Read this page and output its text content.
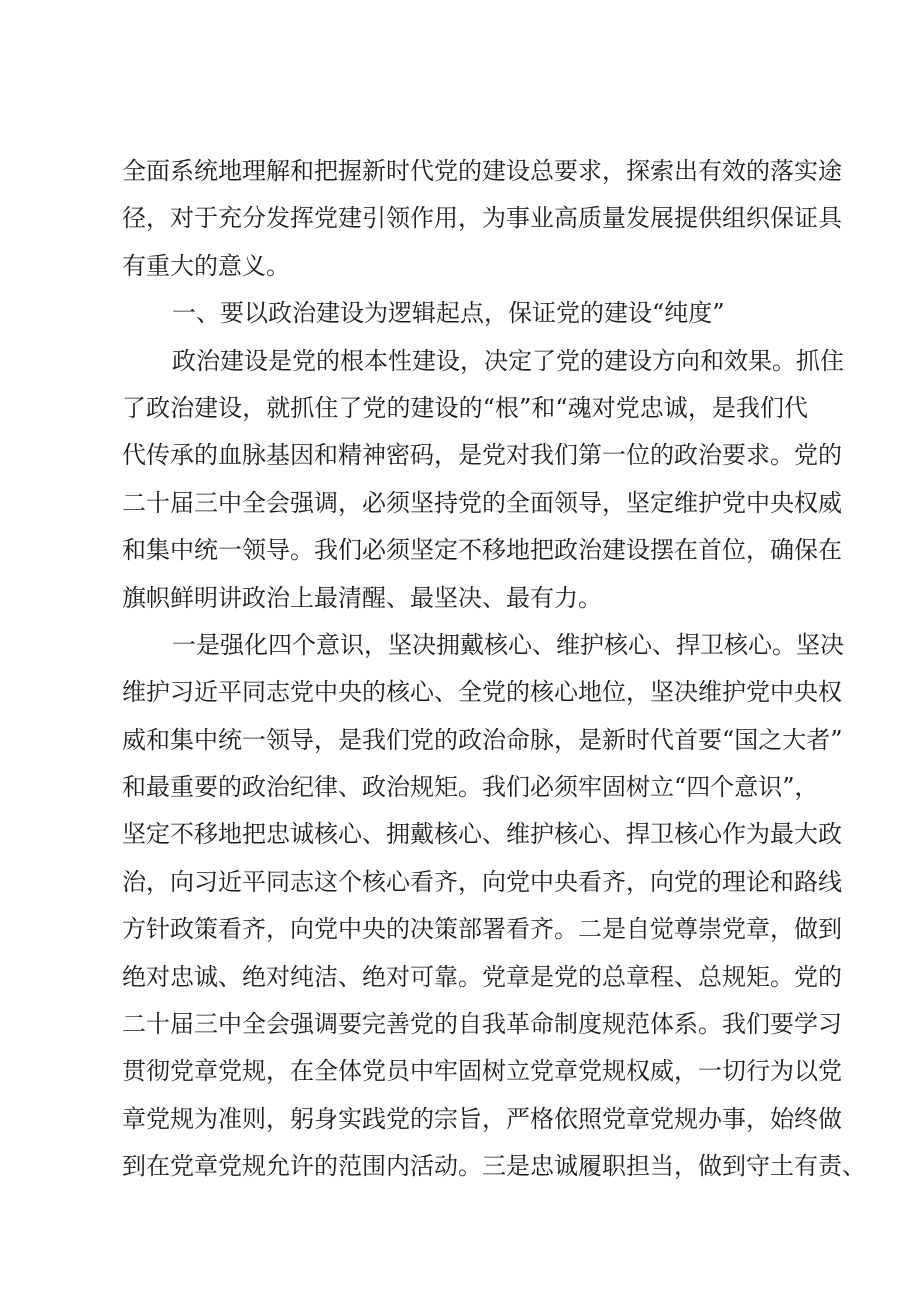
全面系统地理解和把握新时代党的建设总要求，探索出有效的落实途
径，对于充分发挥党建引领作用，为事业高质量发展提供组织保证具
有重大的意义。
一、要以政治建设为逻辑起点，保证党的建设“纯度”
政治建设是党的根本性建设，决定了党的建设方向和效果。抓住
了政治建设，就抓住了党的建设的“根”和“魂对党忠诚，是我们代
代传承的血脉基因和精神密码，是党对我们第一位的政治要求。党的
二十届三中全会强调，必须坚持党的全面领导，坚定维护党中央权威
和集中统一领导。我们必须坚定不移地把政治建设摆在首位，确保在
旗帜鲜明讲政治上最清醒、最坚决、最有力。
一是强化四个意识，坚决拥戴核心、维护核心、捍卫核心。坚决
维护习近平同志党中央的核心、全党的核心地位，坚决维护党中央权
威和集中统一领导，是我们党的政治命脉，是新时代首要“国之大者”
和最重要的政治纪律、政治规矩。我们必须牢固树立“四个意识”，
坚定不移地把忠诚核心、拥戴核心、维护核心、捍卫核心作为最大政
治，向习近平同志这个核心看齐，向党中央看齐，向党的理论和路线
方针政策看齐，向党中央的决策部署看齐。二是自觉尊崇党章，做到
绝对忠诚、绝对纯洁、绝对可靠。党章是党的总章程、总规矩。党的
二十届三中全会强调要完善党的自我革命制度规范体系。我们要学习
贯彻党章党规，在全体党员中牢固树立党章党规权威，一切行为以党
章党规为准则，躬身实践党的宗旨，严格依照党章党规办事，始终做
到在党章党规允许的范围内活动。三是忠诚履职担当，做到守土有责、
